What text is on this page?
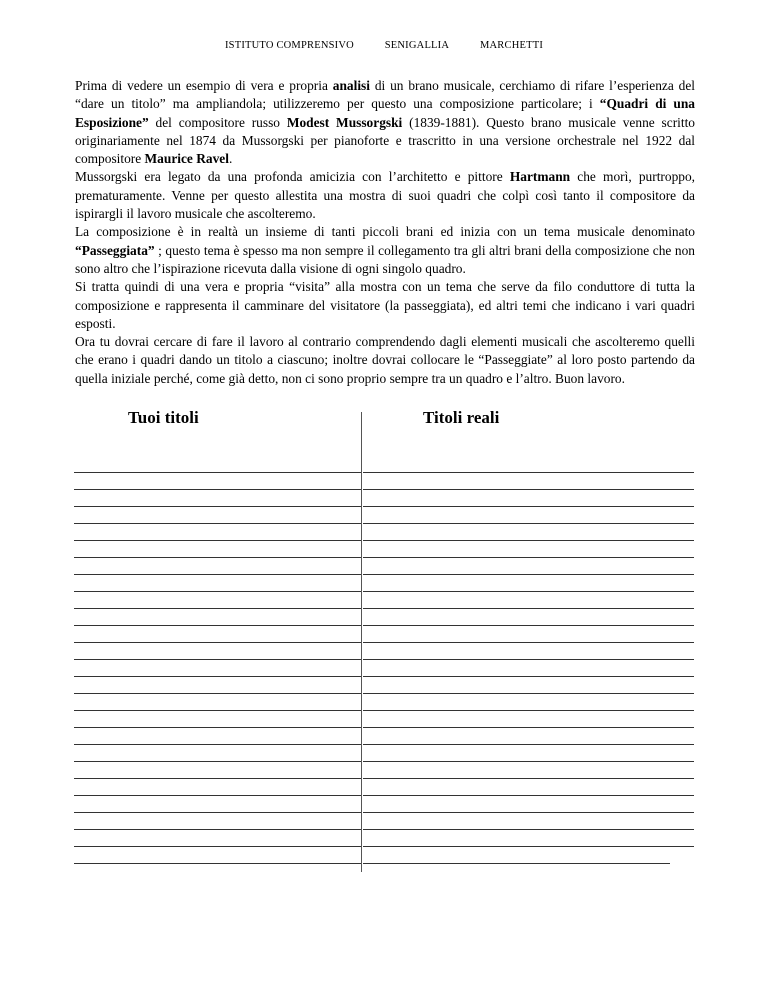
ISTITUTO COMPRENSIVO	SENIGALLIA	MARCHETTI

Prima di vedere un esempio di vera e propria analisi di un brano musicale, cerchiamo di rifare l’esperienza del “dare un titolo” ma ampliandola; utilizzeremo per questo una composizione particolare; i “Quadri di una Esposizione” del compositore russo Modest Mussorgski (1839-1881). Questo brano musicale venne scritto originariamente nel 1874 da Mussorgski per pianoforte e trascritto in una versione orchestrale nel 1922 dal compositore Maurice Ravel.

Mussorgski era legato da una profonda amicizia con l’architetto e pittore Hartmann che morì, purtroppo, prematuramente. Venne per questo allestita una mostra di suoi quadri che colpì così tanto il compositore da ispirargli il lavoro musicale che ascolteremo.

La composizione è in realtà un insieme di tanti piccoli brani ed inizia con un tema musicale denominato “Passeggiata” ; questo tema è spesso ma non sempre il collegamento tra gli altri brani della composizione che non sono altro che l’ispirazione ricevuta dalla visione di ogni singolo quadro.

Si tratta quindi di una vera e propria “visita” alla mostra con un tema che serve da filo conduttore di tutta la composizione e rappresenta il camminare del visitatore (la passeggiata), ed altri temi che indicano i vari quadri esposti.

Ora tu dovrai cercare di fare il lavoro al contrario comprendendo dagli elementi musicali che ascolteremo quelli che erano i quadri dando un titolo a ciascuno; inoltre dovrai collocare le “Passeggiate” al loro posto partendo da quella iniziale perché, come già detto, non ci sono proprio sempre tra un quadro e l’altro. Buon lavoro.

Tuoi titoli	Titoli reali
